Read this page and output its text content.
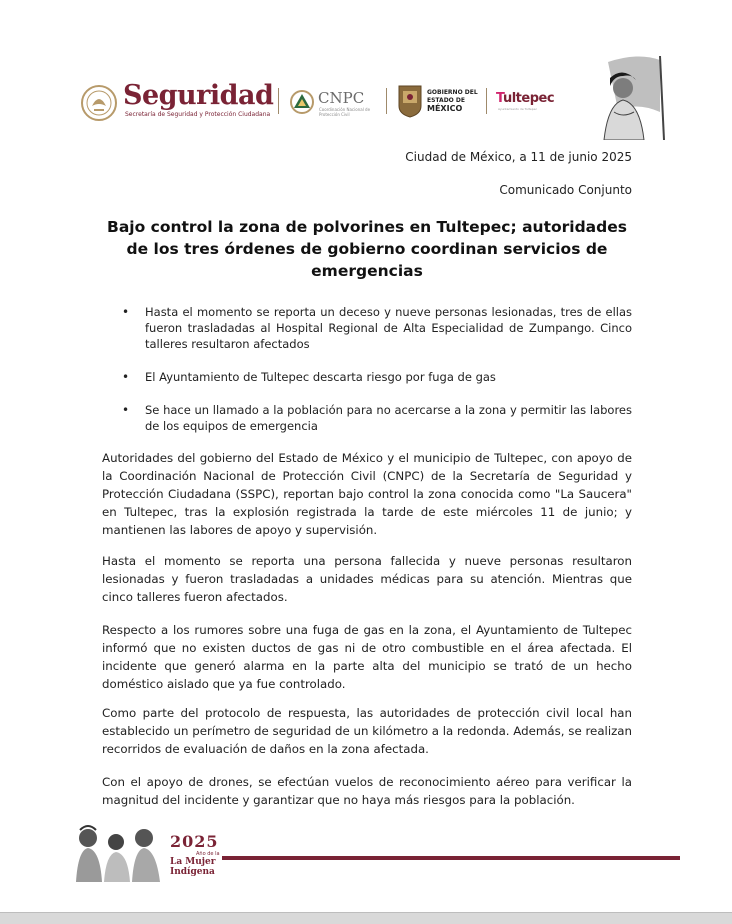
Seguridad
Secretaría de Seguridad y Protección Ciudadana
CNPC
Coordinación Nacional de Protección Civil
GOBIERNO DEL
ESTADO DE
MÉXICO
Tultepec
Ayuntamiento de Tultepec
Ciudad de México, a 11 de junio 2025
Comunicado Conjunto
Bajo control la zona de polvorines en Tultepec; autoridades de los tres órdenes de gobierno coordinan servicios de emergencias
• Hasta el momento se reporta un deceso y nueve personas lesionadas, tres de ellas fueron trasladadas al Hospital Regional de Alta Especialidad de Zumpango. Cinco talleres resultaron afectados
• El Ayuntamiento de Tultepec descarta riesgo por fuga de gas
• Se hace un llamado a la población para no acercarse a la zona y permitir las labores de los equipos de emergencia

Autoridades del gobierno del Estado de México y el municipio de Tultepec, con apoyo de la Coordinación Nacional de Protección Civil (CNPC) de la Secretaría de Seguridad y Protección Ciudadana (SSPC), reportan bajo control la zona conocida como "La Saucera" en Tultepec, tras la explosión registrada la tarde de este miércoles 11 de junio; y mantienen las labores de apoyo y supervisión.

Hasta el momento se reporta una persona fallecida y nueve personas resultaron lesionadas y fueron trasladadas a unidades médicas para su atención. Mientras que cinco talleres fueron afectados.

Respecto a los rumores sobre una fuga de gas en la zona, el Ayuntamiento de Tultepec informó que no existen ductos de gas ni de otro combustible en el área afectada. El incidente que generó alarma en la parte alta del municipio se trató de un hecho doméstico aislado que ya fue controlado.

Como parte del protocolo de respuesta, las autoridades de protección civil local han establecido un perímetro de seguridad de un kilómetro a la redonda. Además, se realizan recorridos de evaluación de daños en la zona afectada.

Con el apoyo de drones, se efectúan vuelos de reconocimiento aéreo para verificar la magnitud del incidente y garantizar que no haya más riesgos para la población.

2025
Año de la
La Mujer
Indígena
